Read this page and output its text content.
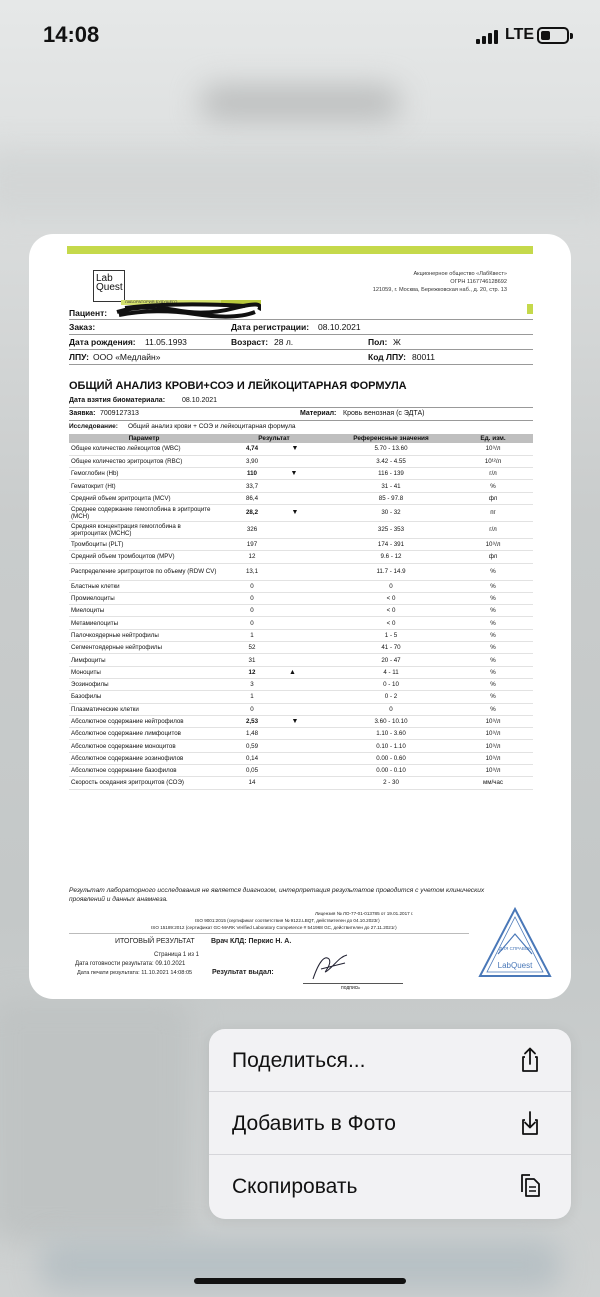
14:08	LTE
Lab Quest
ЛАБОРАТОРИЯ БУДУЩЕГО
Акционерное общество «ЛабКвест»
ОГРН 1167746128692
121059, г. Москва, Бережковская наб., д. 20, стр. 13
Пациент:
Заказ:	Дата регистрации: 08.10.2021
Дата рождения: 11.05.1993	Возраст: 28 л.	Пол: Ж
ЛПУ: ООО «Медлайн»	Код ЛПУ: 80011
ОБЩИЙ АНАЛИЗ КРОВИ+СОЭ И ЛЕЙКОЦИТАРНАЯ ФОРМУЛА
Дата взятия биоматериала: 08.10.2021
Заявка: 7009127313	Материал: Кровь венозная (с ЭДТА)
Исследование: Общий анализ крови + СОЭ и лейкоцитарная формула
Параметр	Результат	Референсные значения	Ед. изм.
Общее количество лейкоцитов (WBC)	4,74 ▼	5.70 - 13.60	10⁹/л
Общее количество эритроцитов (RBC)	3,90	3.42 - 4.55	10¹²/л
Гемоглобин (Hb)	110 ▼	116 - 139	г/л
Гематокрит (Ht)	33,7	31 - 41	%
Средний объем эритроцита (MCV)	86,4	85 - 97.8	фл
Среднее содержание гемоглобина в эритроците (MCH)	28,2 ▼	30 - 32	пг
Средняя концентрация гемоглобина в эритроцитах (MCHC)	326	325 - 353	г/л
Тромбоциты (PLT)	197	174 - 391	10⁹/л
Средний объем тромбоцитов (MPV)	12	9.6 - 12	фл
Распределение эритроцитов по объему (RDW CV)	13,1	11.7 - 14.9	%
Бластные клетки	0	0	%
Промиелоциты	0	< 0	%
Миелоциты	0	< 0	%
Метамиелоциты	0	< 0	%
Палочкоядерные нейтрофилы	1	1 - 5	%
Сегментоядерные нейтрофилы	52	41 - 70	%
Лимфоциты	31	20 - 47	%
Моноциты	12 ▲	4 - 11	%
Эозинофилы	3	0 - 10	%
Базофилы	1	0 - 2	%
Плазматические клетки	0	0	%
Абсолютное содержание нейтрофилов	2,53 ▼	3.60 - 10.10	10⁹/л
Абсолютное содержание лимфоцитов	1,48	1.10 - 3.60	10⁹/л
Абсолютное содержание моноцитов	0,59	0.10 - 1.10	10⁹/л
Абсолютное содержание эозинофилов	0,14	0.00 - 0.60	10⁹/л
Абсолютное содержание базофилов	0,05	0.00 - 0.10	10⁹/л
Скорость оседания эритроцитов (СОЭ)	14	2 - 30	мм/час
Результат лабораторного исследования не является диагнозом, интерпретация результатов проводится с учетом клинических проявлений и данных анамнеза.
Лицензия № ЛО-77-01-013785 от 19.01.2017 г.
ISO 9001:2015 (сертификат соответствия № 9122.LBQT, действителен до 04.10.2023г)
ISO 15189:2012 (сертификат GC-MARK Verified Laboratory Competence # 541968 GC, действителен до 27.11.2021г)
ИТОГОВЫЙ РЕЗУЛЬТАТ Врач КЛД: Перкис Н. А.
Страница 1 из 1
Дата готовности результата: 09.10.2021
Дата печати результата: 11.10.2021 14:08:05	Результат выдал:
подпись
ДЛЯ СПРАВОК
LabQuest
Поделиться...
Добавить в Фото
Скопировать
